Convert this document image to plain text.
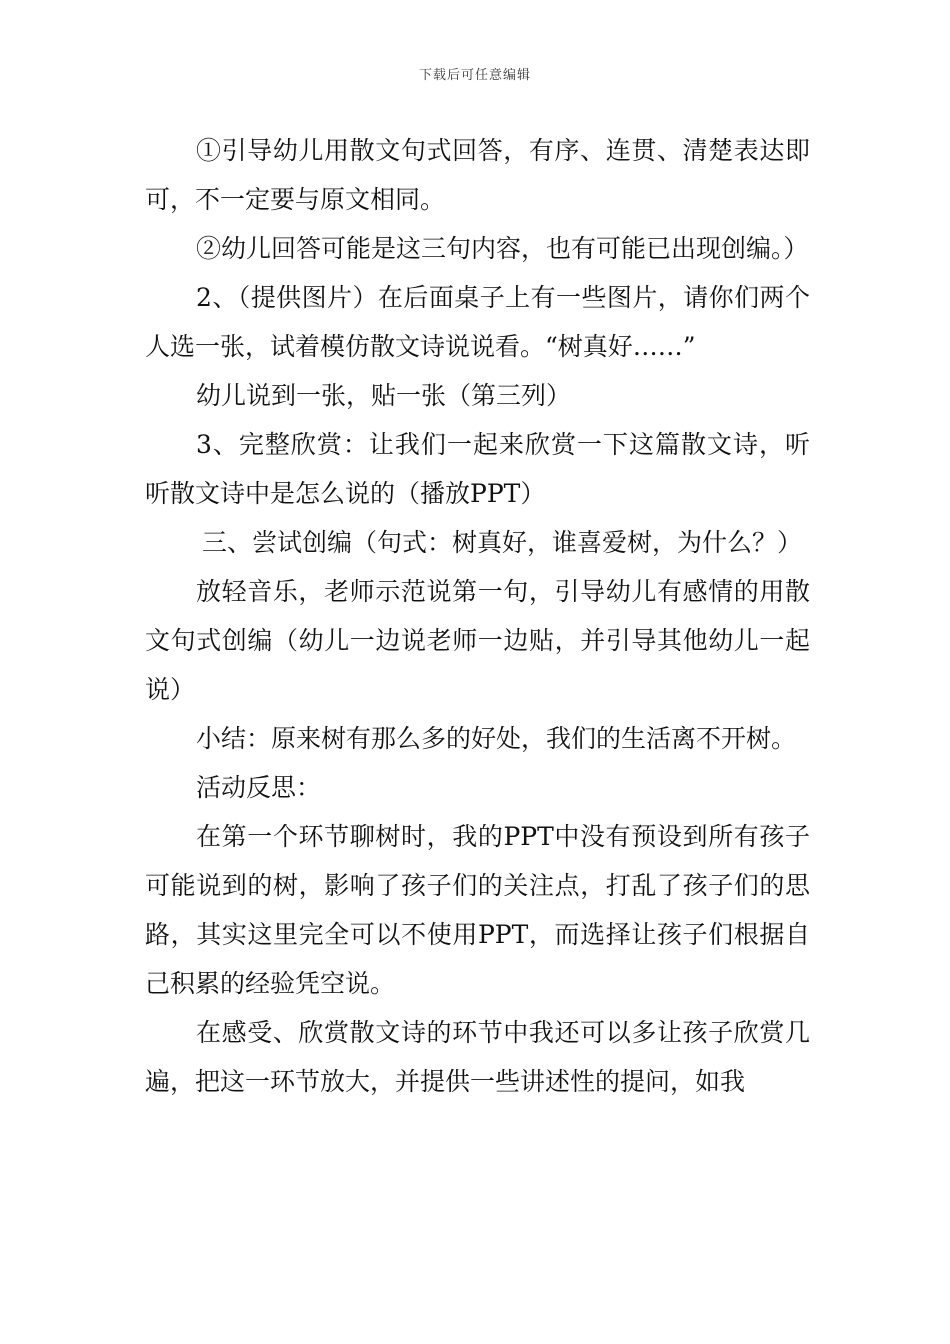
下载后可任意编辑

①引导幼儿用散文句式回答，有序、连贯、清楚表达即可，不一定要与原文相同。

②幼儿回答可能是这三句内容，也有可能已出现创编。）

2、（提供图片）在后面桌子上有一些图片，请你们两个人选一张，试着模仿散文诗说说看。“树真好……”

幼儿说到一张，贴一张（第三列）

3、完整欣赏：让我们一起来欣赏一下这篇散文诗，听听散文诗中是怎么说的（播放PPT）

三、尝试创编（句式：树真好，谁喜爱树，为什么？）

放轻音乐，老师示范说第一句，引导幼儿有感情的用散文句式创编（幼儿一边说老师一边贴，并引导其他幼儿一起说）

小结：原来树有那么多的好处，我们的生活离不开树。

活动反思：

在第一个环节聊树时，我的PPT中没有预设到所有孩子可能说到的树，影响了孩子们的关注点，打乱了孩子们的思路，其实这里完全可以不使用PPT，而选择让孩子们根据自己积累的经验凭空说。

在感受、欣赏散文诗的环节中我还可以多让孩子欣赏几遍，把这一环节放大，并提供一些讲述性的提问，如我
